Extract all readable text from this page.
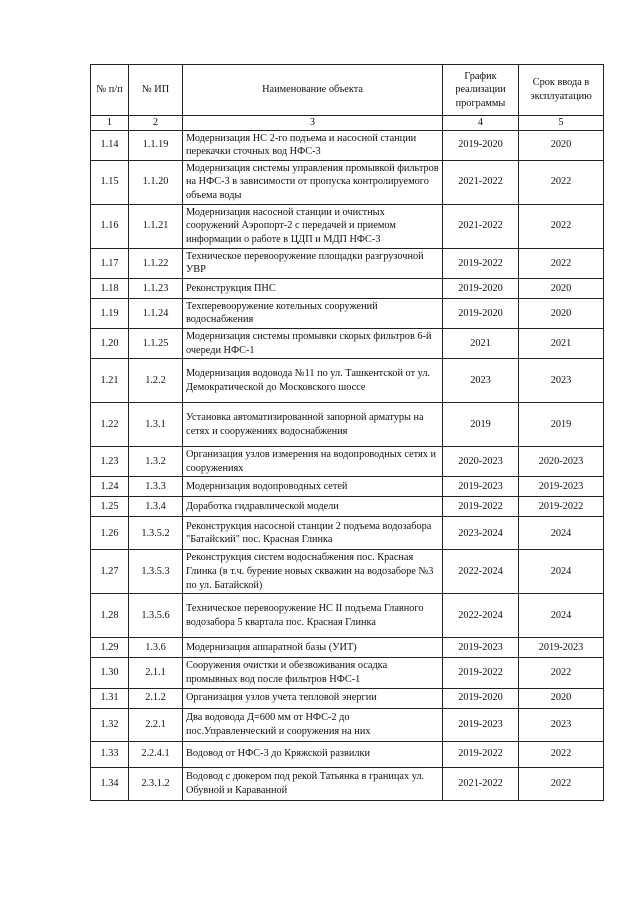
№ п/п	№ ИП	Наименование объекта	График реализации программы	Срок ввода в эксплуатацию
1	2	3	4	5
1.14	1.1.19	Модернизация НС 2-го подъема и насосной станции перекачки сточных вод НФС-3	2019-2020	2020
1.15	1.1.20	Модернизация системы управления промывкой фильтров на НФС-3 в зависимости от пропуска контролируемого объема воды	2021-2022	2022
1.16	1.1.21	Модернизация насосной станции и очистных сооружений Аэропорт-2 с передачей и приемом информации о работе в ЦДП и МДП НФС-3	2021-2022	2022
1.17	1.1.22	Техническое перевооружение площадки разгрузочной УВР	2019-2022	2022
1.18	1.1.23	Реконструкция ПНС	2019-2020	2020
1.19	1.1.24	Техперевооружение котельных сооружений водоснабжения	2019-2020	2020
1.20	1.1.25	Модернизация системы промывки скорых фильтров 6-й очереди НФС-1	2021	2021
1.21	1.2.2	Модернизация водовода №11 по ул. Ташкентской от ул. Демократической до Московского шоссе	2023	2023
1.22	1.3.1	Установка автоматизированной запорной арматуры на сетях и сооружениях водоснабжения	2019	2019
1.23	1.3.2	Организация узлов измерения на водопроводных сетях и сооружениях	2020-2023	2020-2023
1.24	1.3.3	Модернизация водопроводных сетей	2019-2023	2019-2023
1.25	1.3.4	Доработка гидравлической модели	2019-2022	2019-2022
1.26	1.3.5.2	Реконструкция насосной станции 2 подъема водозабора "Батайский" пос. Красная Глинка	2023-2024	2024
1.27	1.3.5.3	Реконструкция систем водоснабжения пос. Красная Глинка (в т.ч. бурение новых скважин на водозаборе №3 по ул. Батайской)	2022-2024	2024
1.28	1.3.5.6	Техническое перевооружение НС II подъема Главного водозабора 5 квартала пос. Красная Глинка	2022-2024	2024
1.29	1.3.6	Модернизация аппаратной базы (УИТ)	2019-2023	2019-2023
1.30	2.1.1	Сооружения очистки и обезвоживания осадка промывных вод после фильтров НФС-1	2019-2022	2022
1.31	2.1.2	Организация узлов учета тепловой энергии	2019-2020	2020
1.32	2.2.1	Два водовода Д=600 мм от НФС-2 до пос.Управленческий и сооружения на них	2019-2023	2023
1.33	2.2.4.1	Водовод от НФС-3 до Кряжской развилки	2019-2022	2022
1.34	2.3.1.2	Водовод с дюкером под рекой Татьянка в границах ул. Обувной и Караванной	2021-2022	2022
